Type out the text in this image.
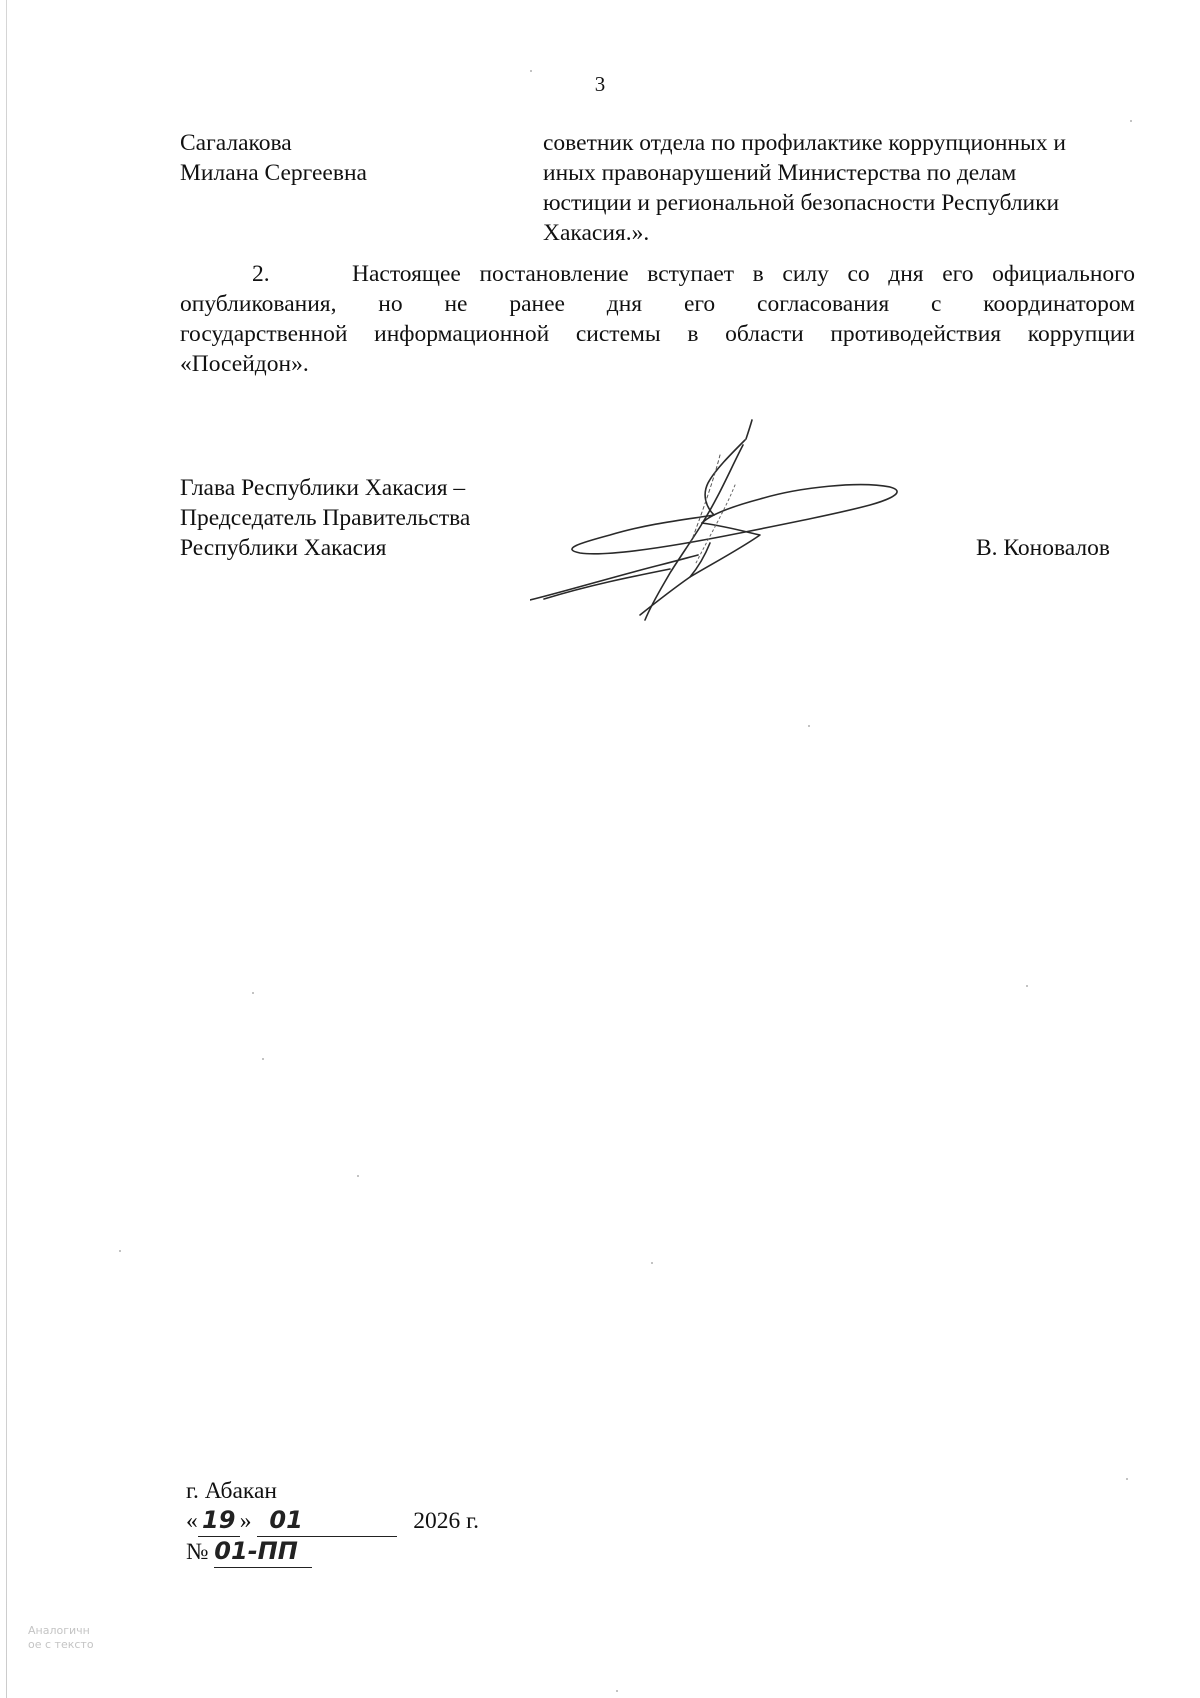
3
Сагалакова
Милана Сергеевна
советник отдела по профилактике коррупционных и
иных правонарушений Министерства по делам
юстиции и региональной безопасности Республики
Хакасия.».
2.	Настоящее постановление вступает в силу со дня его официального
опубликования, но не ранее дня его согласования с координатором
государственной информационной системы в области противодействия коррупции
«Посейдон».
Глава Республики Хакасия –
Председатель Правительства
Республики Хакасия	В. Коновалов
г. Абакан
« 19 » 01	2026 г.
№ 01-ПП
Аналогичн
ое с тексто
